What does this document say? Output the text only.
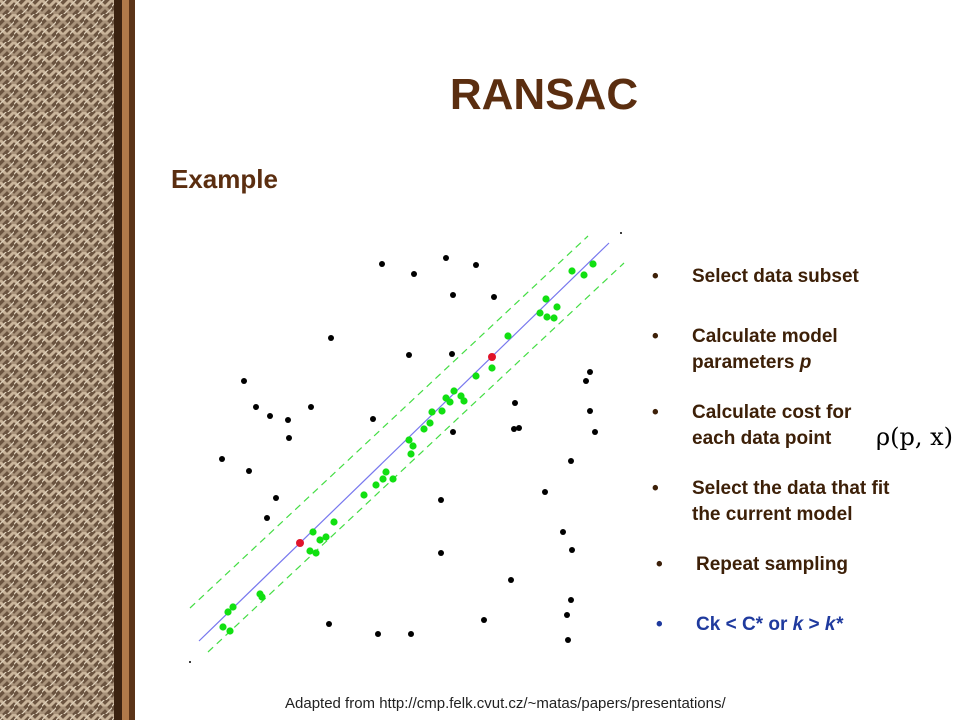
RANSAC
Example
• Select data subset
• Calculate model
parameters p
• Calculate cost for
each data point	ρ(p, x)
• Select the data that fit
the current model
• Repeat sampling
• Ck < C* or k > k*
Adapted from http://cmp.felk.cvut.cz/~matas/papers/presentations/
